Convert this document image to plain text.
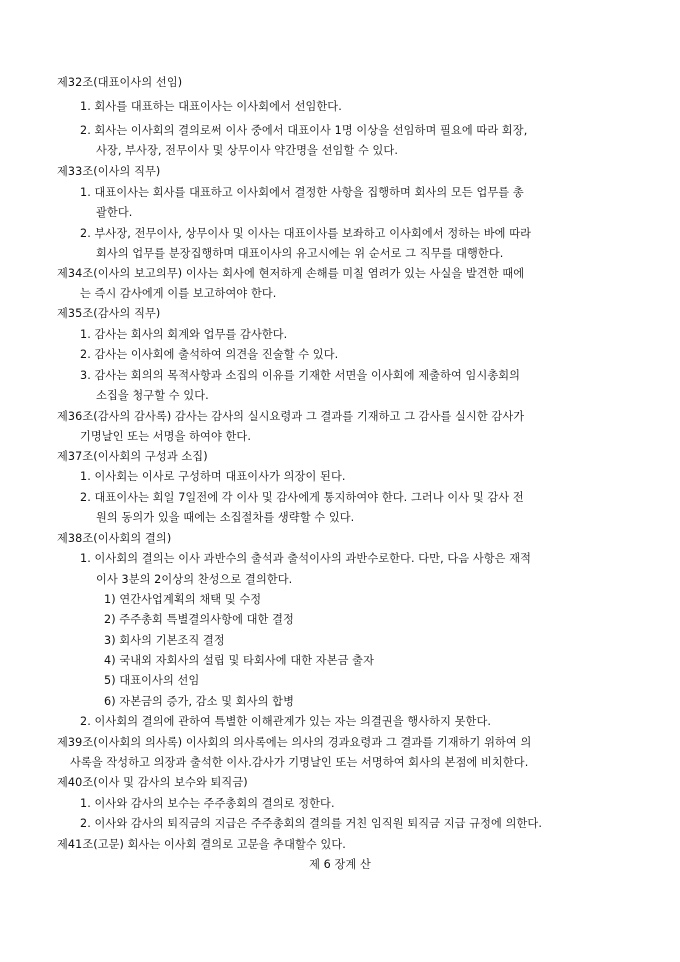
제32조(대표이사의 선임)
1. 회사를 대표하는 대표이사는 이사회에서 선임한다.
2. 회사는 이사회의 결의로써 이사 중에서 대표이사 1명 이상을 선임하며 필요에 따라 회장,
사장, 부사장, 전무이사 및 상무이사 약간명을 선임할 수 있다.
제33조(이사의 직무)
1. 대표이사는 회사를 대표하고 이사회에서 결정한 사항을 집행하며 회사의 모든 업무를 총
괄한다.
2. 부사장, 전무이사, 상무이사 및 이사는 대표이사를 보좌하고 이사회에서 정하는 바에 따라
회사의 업무를 분장집행하며 대표이사의 유고시에는 위 순서로 그 직무를 대행한다.
제34조(이사의 보고의무) 이사는 회사에 현저하게 손해를 미칠 염려가 있는 사실을 발견한 때에
는 즉시 감사에게 이를 보고하여야 한다.
제35조(감사의 직무)
1. 감사는 회사의 회계와 업무를 감사한다.
2. 감사는 이사회에 출석하여 의견을 진술할 수 있다.
3. 감사는 회의의 목적사항과 소집의 이유를 기재한 서면을 이사회에 제출하여 임시총회의
소집을 청구할 수 있다.
제36조(감사의 감사록) 감사는 감사의 실시요령과 그 결과를 기재하고 그 감사를 실시한 감사가
기명날인 또는 서명을 하여야 한다.
제37조(이사회의 구성과 소집)
1. 이사회는 이사로 구성하며 대표이사가 의장이 된다.
2. 대표이사는 회일 7일전에 각 이사 및 감사에게 통지하여야 한다. 그러나 이사 및 감사 전
원의 동의가 있을 때에는 소집절차를 생략할 수 있다.
제38조(이사회의 결의)
1. 이사회의 결의는 이사 과반수의 출석과 출석이사의 과반수로한다. 다만, 다음 사항은 재적
이사 3분의 2이상의 찬성으로 결의한다.
1) 연간사업계획의 채택 및 수정
2) 주주총회 특별결의사항에 대한 결정
3) 회사의 기본조직 결정
4) 국내외 자회사의 설립 및 타회사에 대한 자본금 출자
5) 대표이사의 선임
6) 자본금의 증가, 감소 및 회사의 합병
2. 이사회의 결의에 관하여 특별한 이해관계가 있는 자는 의결권을 행사하지 못한다.
제39조(이사회의 의사록) 이사회의 의사록에는 의사의 경과요령과 그 결과를 기재하기 위하여 의
사록을 작성하고 의장과 출석한 이사.감사가 기명날인 또는 서명하여 회사의 본점에 비치한다.
제40조(이사 및 감사의 보수와 퇴직금)
1. 이사와 감사의 보수는 주주총회의 결의로 정한다.
2. 이사와 감사의 퇴직금의 지급은 주주총회의 결의를 거친 임직원 퇴직금 지급 규정에 의한다.
제41조(고문) 회사는 이사회 결의로 고문을 추대할수 있다.
제 6 장계 산
